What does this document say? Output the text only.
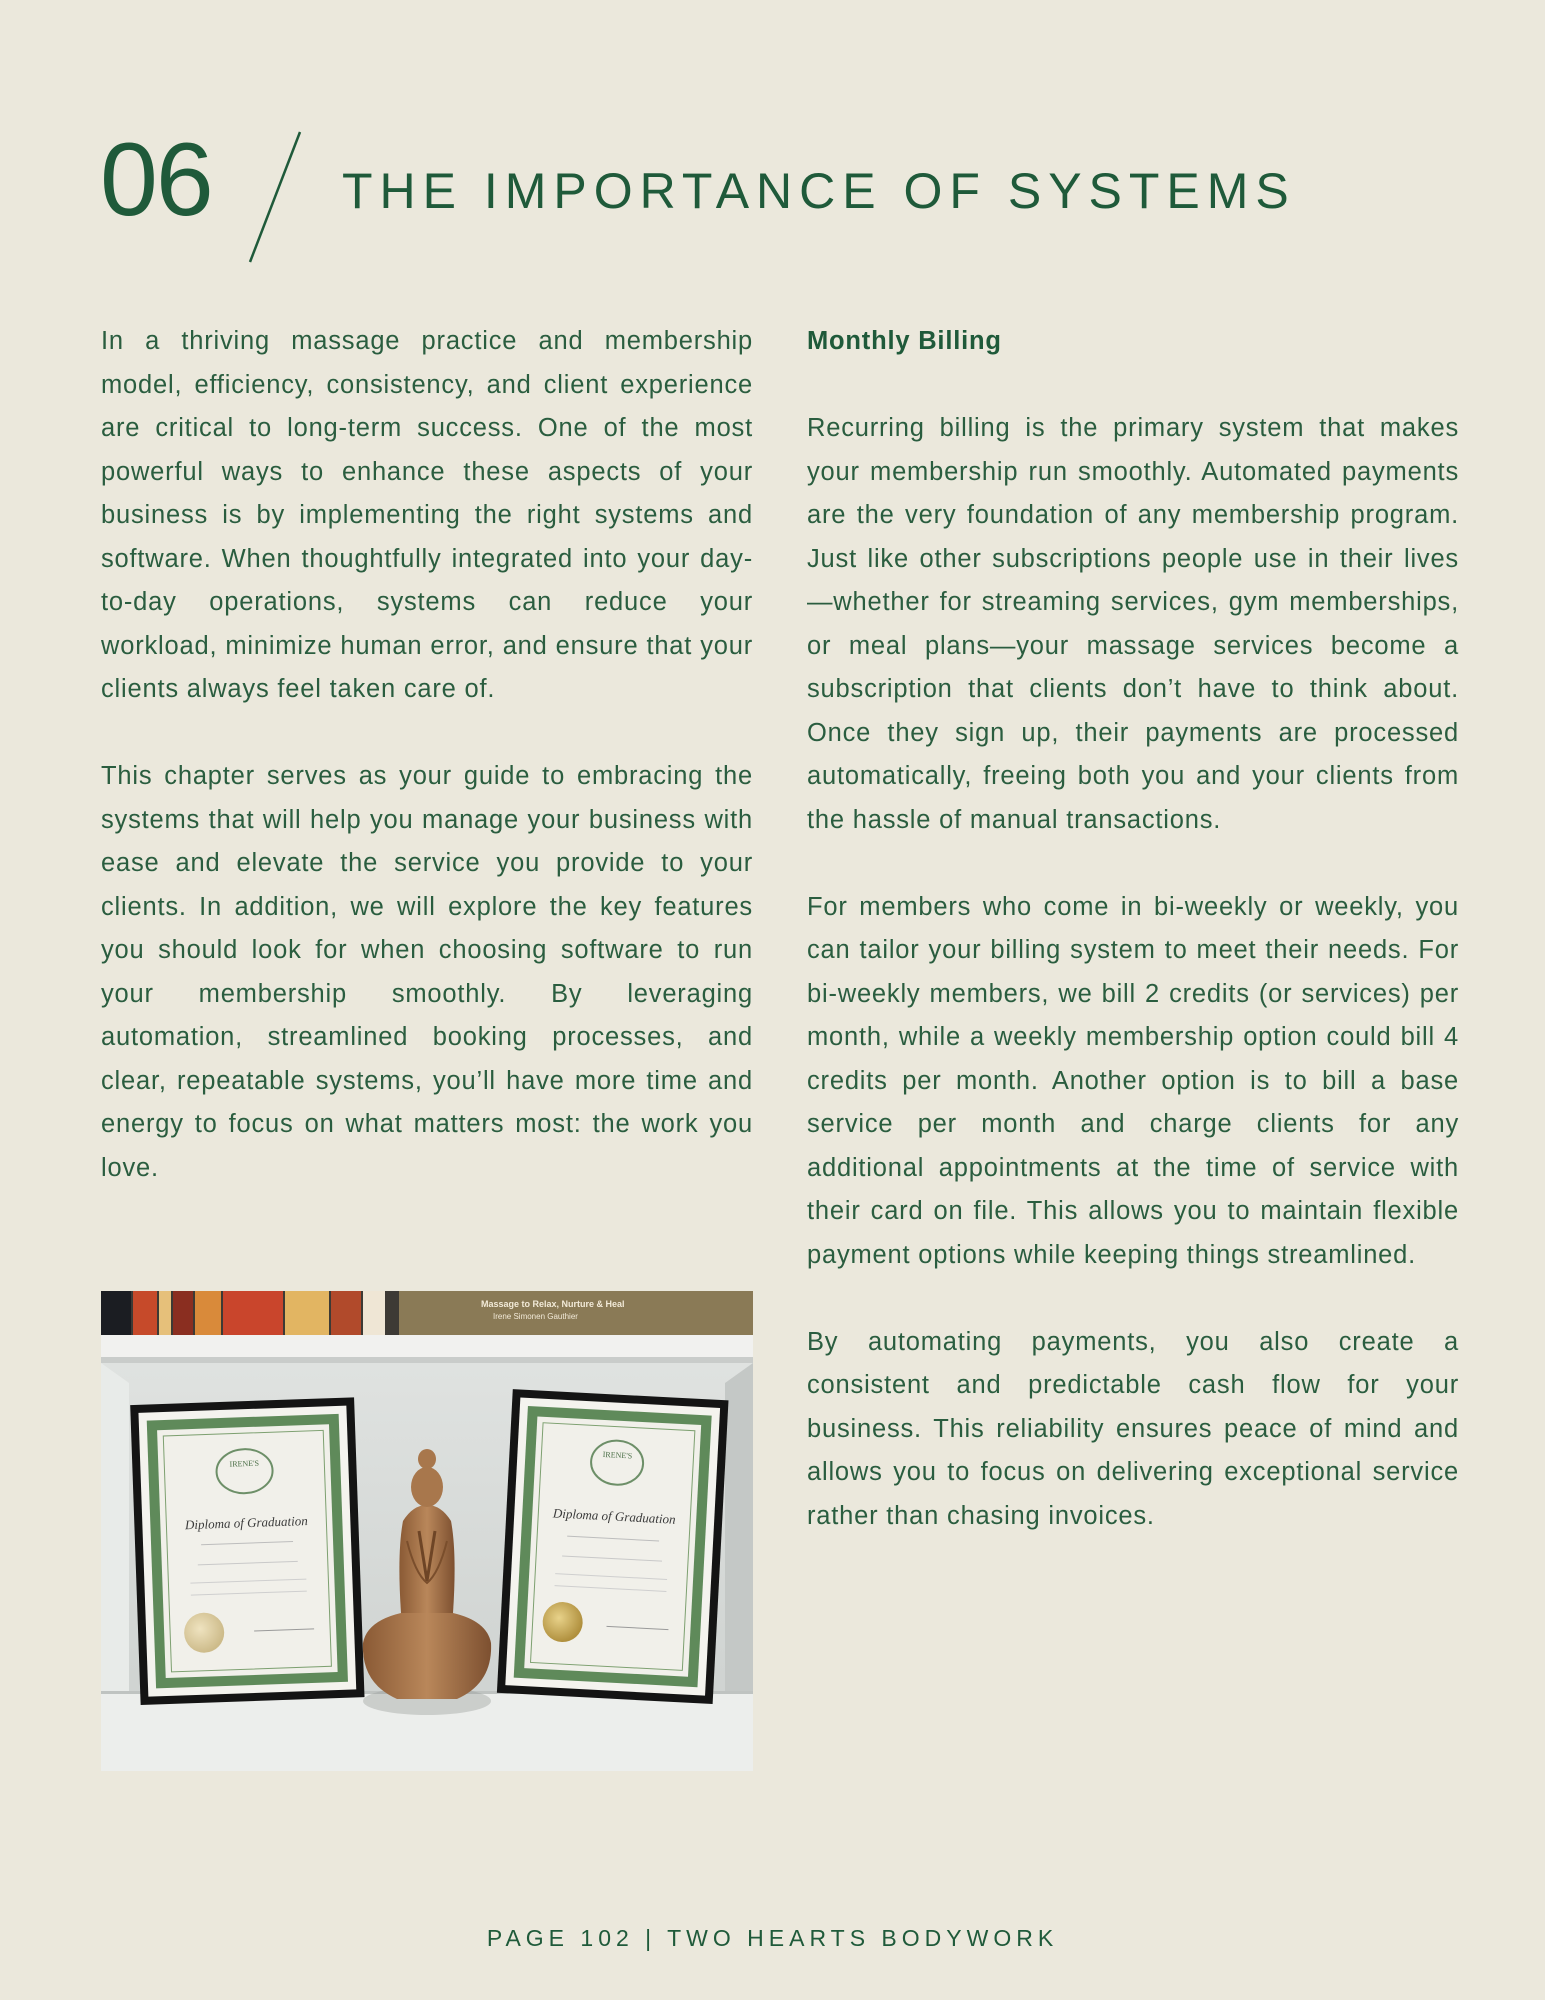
06	THE IMPORTANCE OF SYSTEMS

In a thriving massage practice and membership model, efficiency, consistency, and client experience are critical to long-term success. One of the most powerful ways to enhance these aspects of your business is by implementing the right systems and software. When thoughtfully integrated into your day-to-day operations, systems can reduce your workload, minimize human error, and ensure that your clients always feel taken care of.

This chapter serves as your guide to embracing the systems that will help you manage your business with ease and elevate the service you provide to your clients. In addition, we will explore the key features you should look for when choosing software to run your membership smoothly. By leveraging automation, streamlined booking processes, and clear, repeatable systems, you’ll have more time and energy to focus on what matters most: the work you love.

Monthly Billing

Recurring billing is the primary system that makes your membership run smoothly. Automated payments are the very foundation of any membership program. Just like other subscriptions people use in their lives—whether for streaming services, gym memberships, or meal plans—your massage services become a subscription that clients don’t have to think about. Once they sign up, their payments are processed automatically, freeing both you and your clients from the hassle of manual transactions.

For members who come in bi-weekly or weekly, you can tailor your billing system to meet their needs. For bi-weekly members, we bill 2 credits (or services) per month, while a weekly membership option could bill 4 credits per month. Another option is to bill a base service per month and charge clients for any additional appointments at the time of service with their card on file. This allows you to maintain flexible payment options while keeping things streamlined.

By automating payments, you also create a consistent and predictable cash flow for your business. This reliability ensures peace of mind and allows you to focus on delivering exceptional service rather than chasing invoices.

Massage to Relax, Nurture & Heal
Irene Simonen Gauthier
IRENE'S
Diploma of Graduation
IRENE'S
Diploma of Graduation
PAGE 102 | TWO HEARTS BODYWORK
